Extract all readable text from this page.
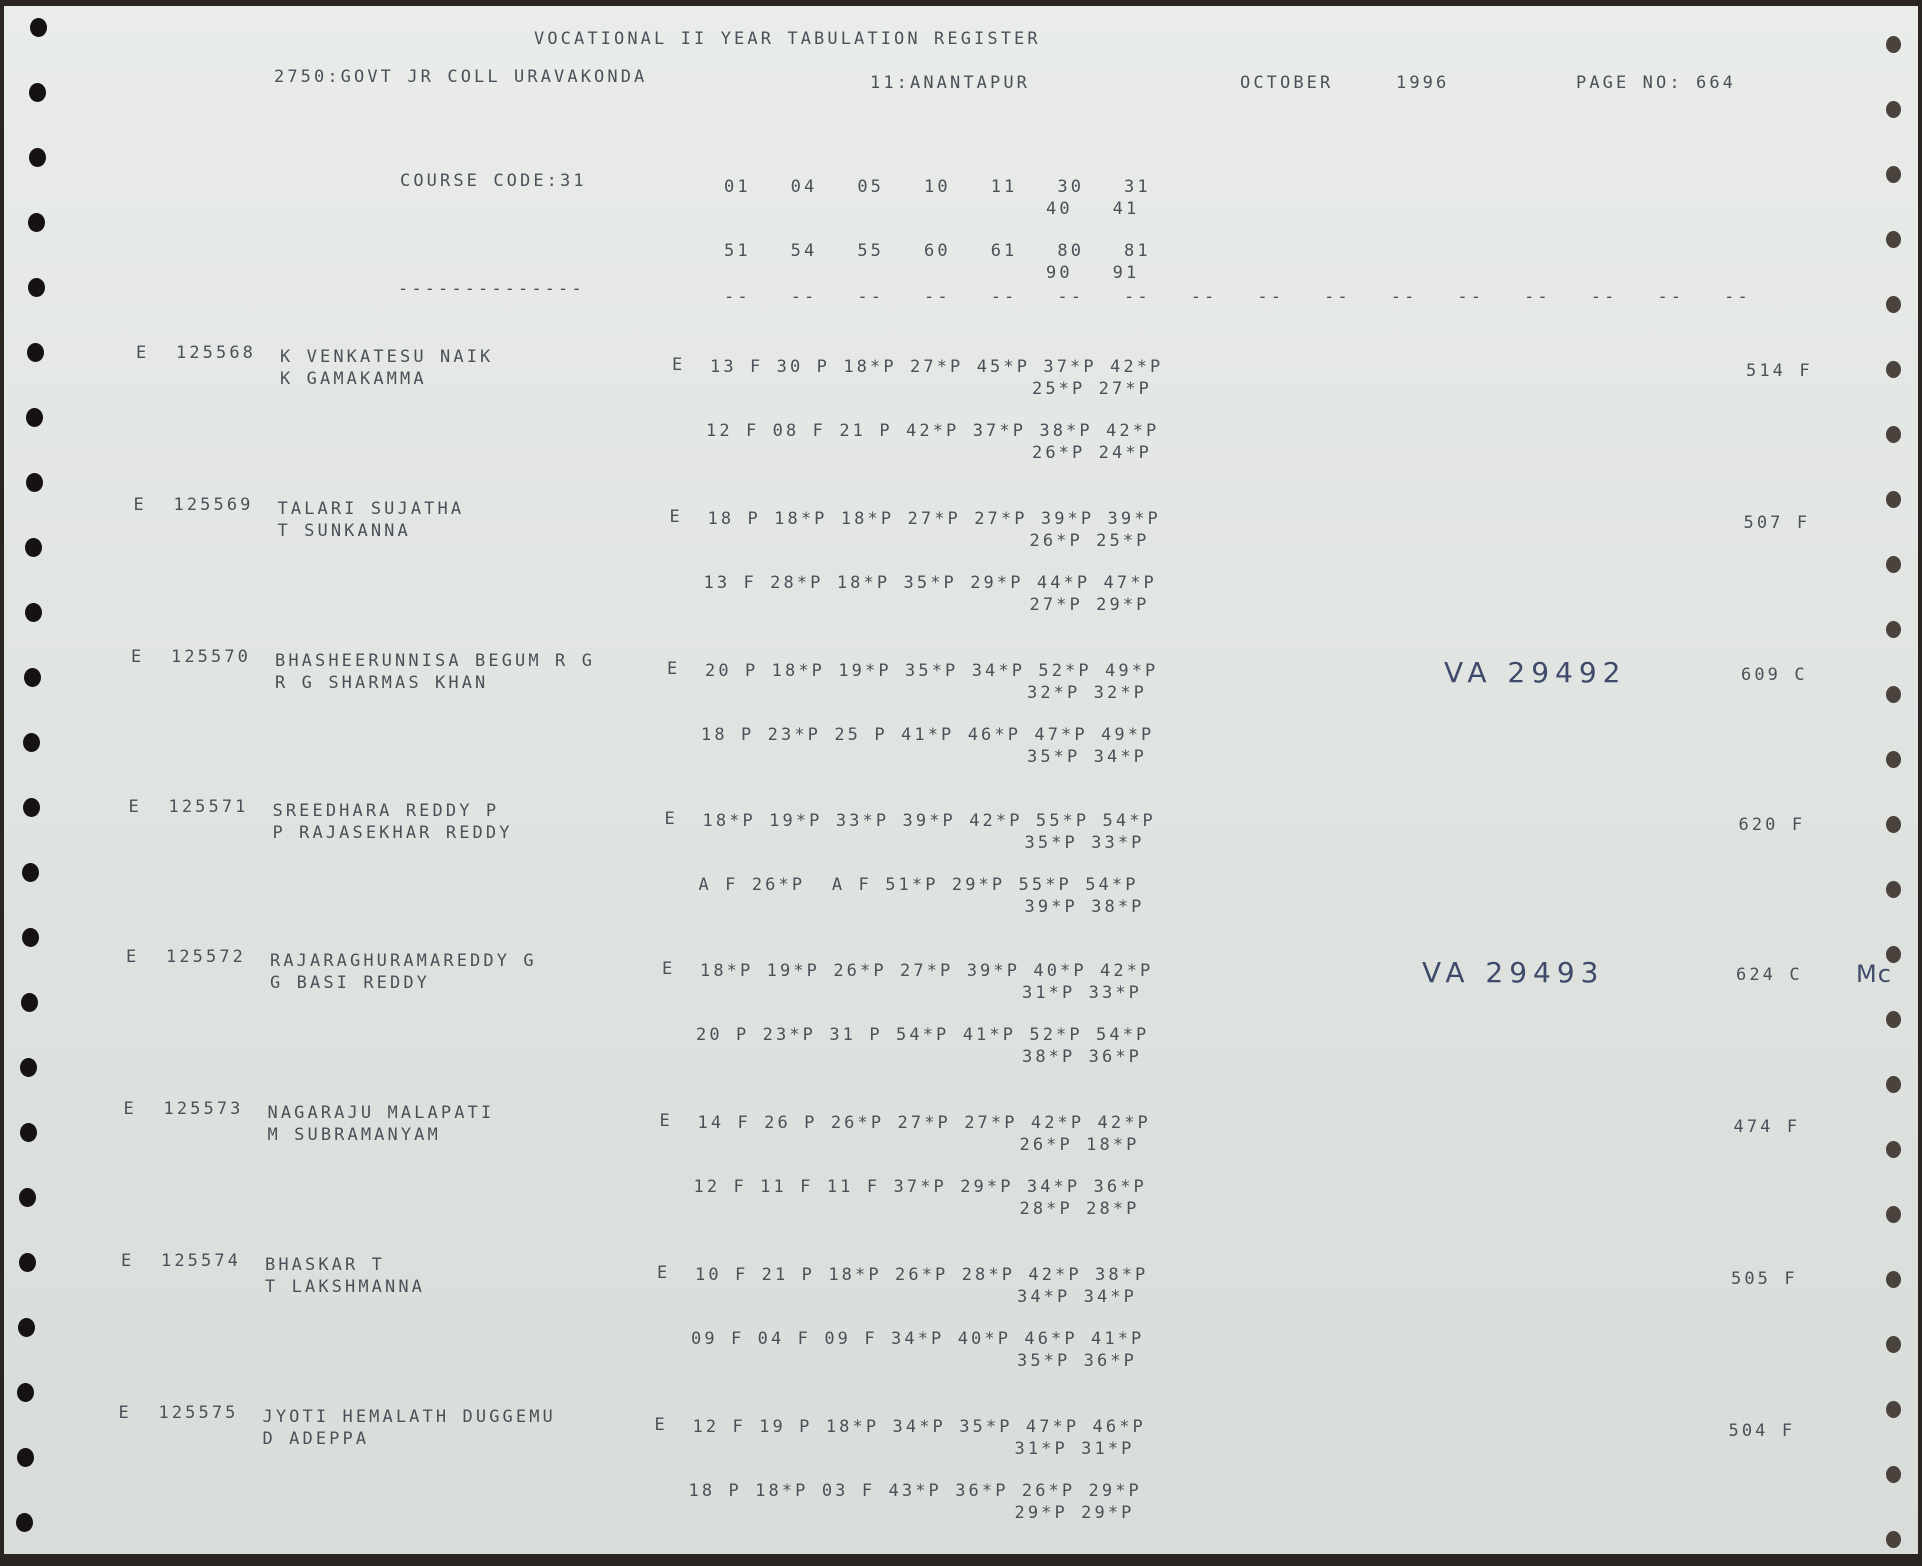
VOCATIONAL II YEAR TABULATION REGISTER
2750:GOVT JR COLL URAVAKONDA	11:ANANTAPUR	OCTOBER	1996	PAGE NO: 664
COURSE CODE:31	01   04   05   10   11   30   31
40   41
51   54   55   60   61   80   81
90   91
--------------	--   --   --   --   --   --   --   --   --   --   --   --   --   --   --   --
E 125568 K VENKATESU NAIK
K GAMAKAMMA
E 13 F 30 P 18*P 27*P 45*P 37*P 42*P
25*P 27*P
12 F 08 F 21 P 42*P 37*P 38*P 42*P
26*P 24*P
514 F
E 125569 TALARI SUJATHA
T SUNKANNA
E 18 P 18*P 18*P 27*P 27*P 39*P 39*P
26*P 25*P
13 F 28*P 18*P 35*P 29*P 44*P 47*P
27*P 29*P
507 F
E 125570 BHASHEERUNNISA BEGUM R G
R G SHARMAS KHAN
E 20 P 18*P 19*P 35*P 34*P 52*P 49*P
32*P 32*P
18 P 23*P 25 P 41*P 46*P 47*P 49*P
35*P 34*P
609 C
VA 29492
E 125571 SREEDHARA REDDY P
P RAJASEKHAR REDDY
E 18*P 19*P 33*P 39*P 42*P 55*P 54*P
35*P 33*P
A F 26*P  A F 51*P 29*P 55*P 54*P
39*P 38*P
620 F
E 125572 RAJARAGHURAMAREDDY G
G BASI REDDY
E 18*P 19*P 26*P 27*P 39*P 40*P 42*P
31*P 33*P
20 P 23*P 31 P 54*P 41*P 52*P 54*P
38*P 36*P
624 C
VA 29493	Mc
E 125573 NAGARAJU MALAPATI
M SUBRAMANYAM
E 14 F 26 P 26*P 27*P 27*P 42*P 42*P
26*P 18*P
12 F 11 F 11 F 37*P 29*P 34*P 36*P
28*P 28*P
474 F
E 125574 BHASKAR T
T LAKSHMANNA
E 10 F 21 P 18*P 26*P 28*P 42*P 38*P
34*P 34*P
09 F 04 F 09 F 34*P 40*P 46*P 41*P
35*P 36*P
505 F
E 125575 JYOTI HEMALATH DUGGEMU
D ADEPPA
E 12 F 19 P 18*P 34*P 35*P 47*P 46*P
31*P 31*P
18 P 18*P 03 F 43*P 36*P 26*P 29*P
29*P 29*P
504 F
